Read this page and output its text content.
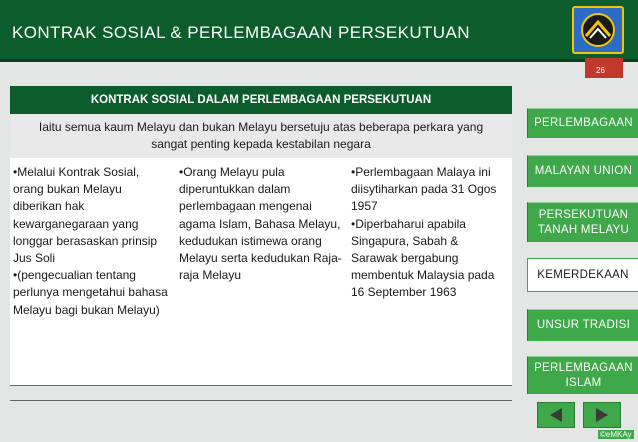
KONTRAK SOSIAL & PERLEMBAGAAN PERSEKUTUAN
26
KONTRAK SOSIAL DALAM PERLEMBAGAAN PERSEKUTUAN
Iaitu semua kaum Melayu dan bukan Melayu bersetuju atas beberapa perkara yang sangat penting kepada kestabilan negara

•Melalui Kontrak Sosial, orang bukan Melayu diberikan hak kewarganegaraan yang longgar berasaskan prinsip Jus Soli

•(pengecualian tentang perlunya mengetahui bahasa Melayu bagi bukan Melayu)

•Orang Melayu pula diperuntukkan dalam perlembagaan mengenai agama Islam, Bahasa Melayu, kedudukan istimewa orang Melayu serta kedudukan Raja-raja Melayu

•Perlembagaan Malaya ini diisytiharkan pada 31 Ogos 1957

•Diperbaharui apabila Singapura, Sabah & Sarawak bergabung membentuk Malaysia pada 16 September 1963

PERLEMBAGAAN
MALAYAN UNION
PERSEKUTUAN TANAH MELAYU
KEMERDEKAAN
UNSUR TRADISI
PERLEMBAGAAN ISLAM
©eMKAy
